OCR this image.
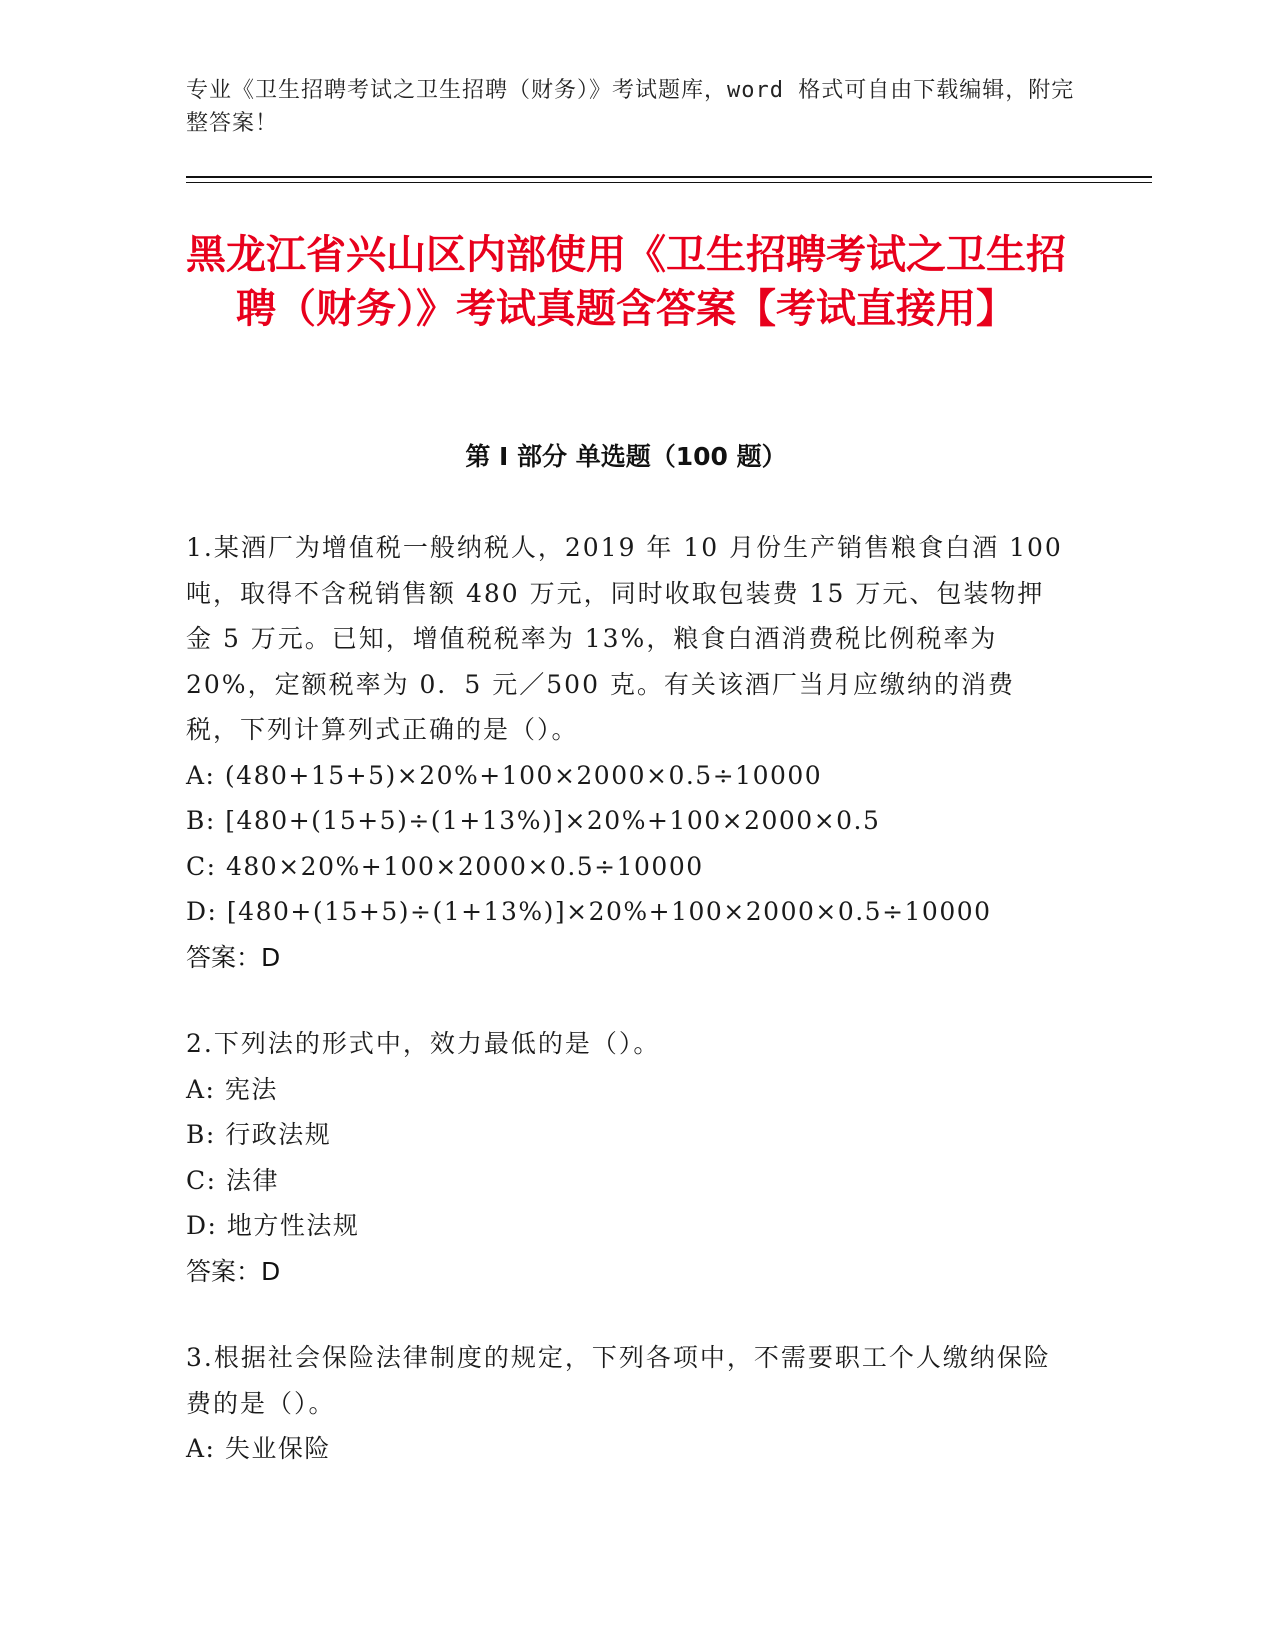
专业《卫生招聘考试之卫生招聘（财务）》考试题库，word 格式可自由下载编辑，附完整答案！

黑龙江省兴山区内部使用《卫生招聘考试之卫生招聘（财务）》考试真题含答案【考试直接用】
第 I 部分 单选题（100 题）

1.某酒厂为增值税一般纳税人，2019 年 10 月份生产销售粮食白酒 100 吨，取得不含税销售额 480 万元，同时收取包装费 15 万元、包装物押金 5 万元。已知，增值税税率为 13%，粮食白酒消费税比例税率为 20%，定额税率为 0．5 元／500 克。有关该酒厂当月应缴纳的消费税，下列计算列式正确的是（）。

A: (480+15+5)×20%+100×2000×0.5÷10000

B: [480+(15+5)÷(1+13%)]×20%+100×2000×0.5

C: 480×20%+100×2000×0.5÷10000

D: [480+(15+5)÷(1+13%)]×20%+100×2000×0.5÷10000

答案：D

2.下列法的形式中，效力最低的是（）。

A: 宪法

B: 行政法规

C: 法律

D: 地方性法规

答案：D

3.根据社会保险法律制度的规定，下列各项中，不需要职工个人缴纳保险费的是（）。

A: 失业保险
